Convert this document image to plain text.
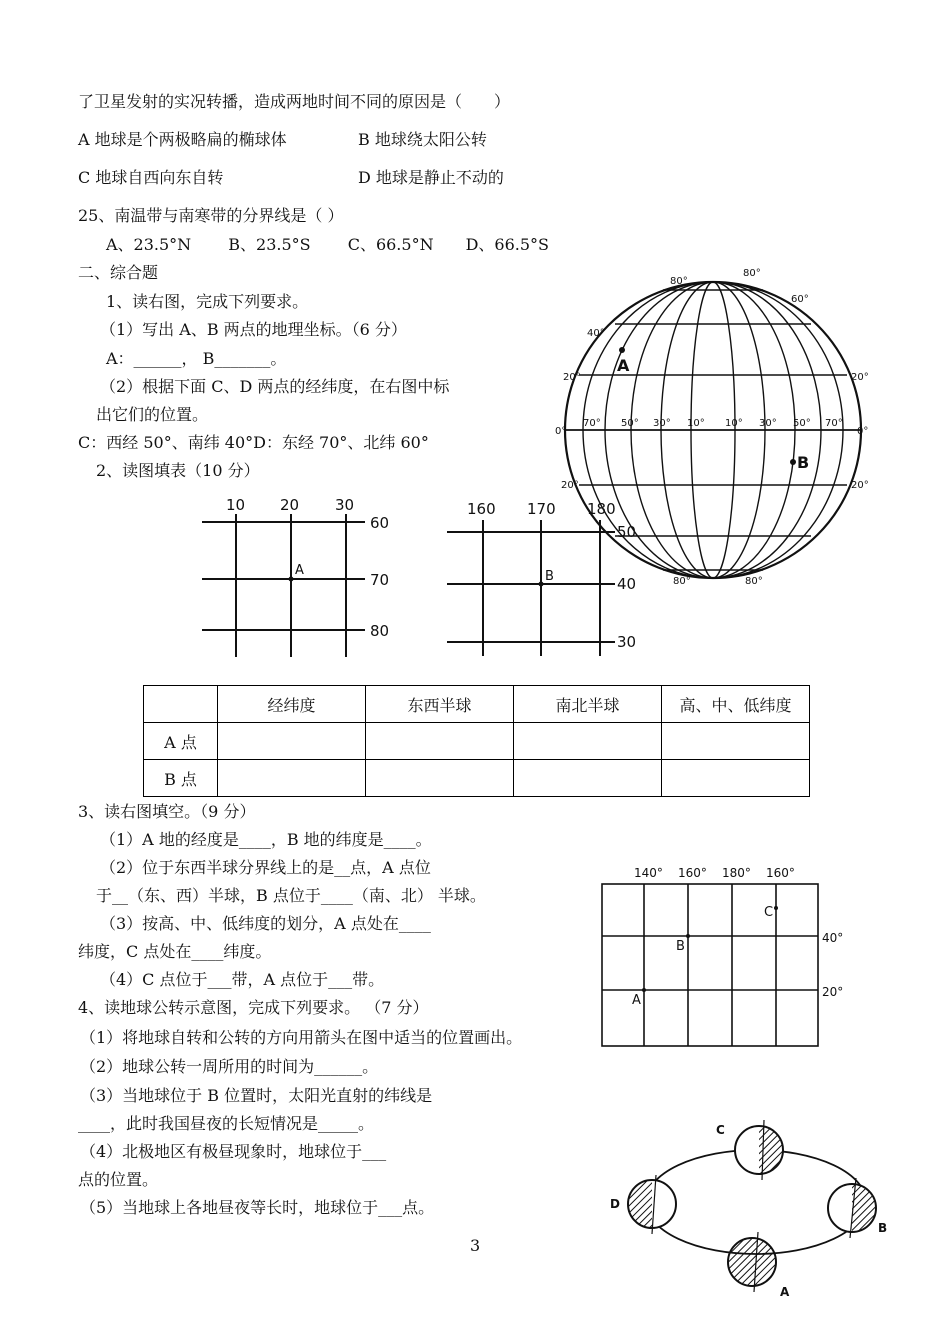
了卫星发射的实况转播，造成两地时间不同的原因是（　　）
A 地球是个两极略扁的椭球体	B 地球绕太阳公转
C 地球自西向东自转	D 地球是静止不动的
25、南温带与南寒带的分界线是（ ）
A、23.5°N　　 B、23.5°S　　 C、66.5°N　　D、66.5°S
二、综合题
1、读右图，完成下列要求。
（1）写出 A、B 两点的地理坐标。（6 分）
A：______， B_______。
（2）根据下面 C、D 两点的经纬度，在右图中标
出它们的位置。
C：西经 50°、南纬 40°D：东经 70°、北纬 60°
2、读图填表（10 分）
80°
80°
60°
40°
20°
0°	0°
20°
20°	20°
80°	80°
70° 50° 30° 10° 10° 30° 50° 70°
A
B
10 20 30
60
70
80
A
160 170 180
50
40
30
B
	经纬度	东西半球	南北半球	高、中、低纬度
A 点				
B 点				
3、读右图填空。（9 分）
（1）A 地的经度是____，B 地的纬度是____。
（2）位于东西半球分界线上的是__点，A 点位
于__（东、西）半球，B 点位于____（南、北） 半球。
（3）按高、中、低纬度的划分，A 点处在____
纬度，C 点处在____纬度。
（4）C 点位于___带，A 点位于___带。
140° 160° 180° 160°
40°
20°
C
B
A
4、读地球公转示意图，完成下列要求。 （7 分）
（1）将地球自转和公转的方向用箭头在图中适当的位置画出。
（2）地球公转一周所用的时间为______。
（3）当地球位于 B 位置时，太阳光直射的纬线是
____，此时我国昼夜的长短情况是_____。
（4）北极地区有极昼现象时，地球位于___
点的位置。
（5）当地球上各地昼夜等长时，地球位于___点。
C
D
B
A
3
